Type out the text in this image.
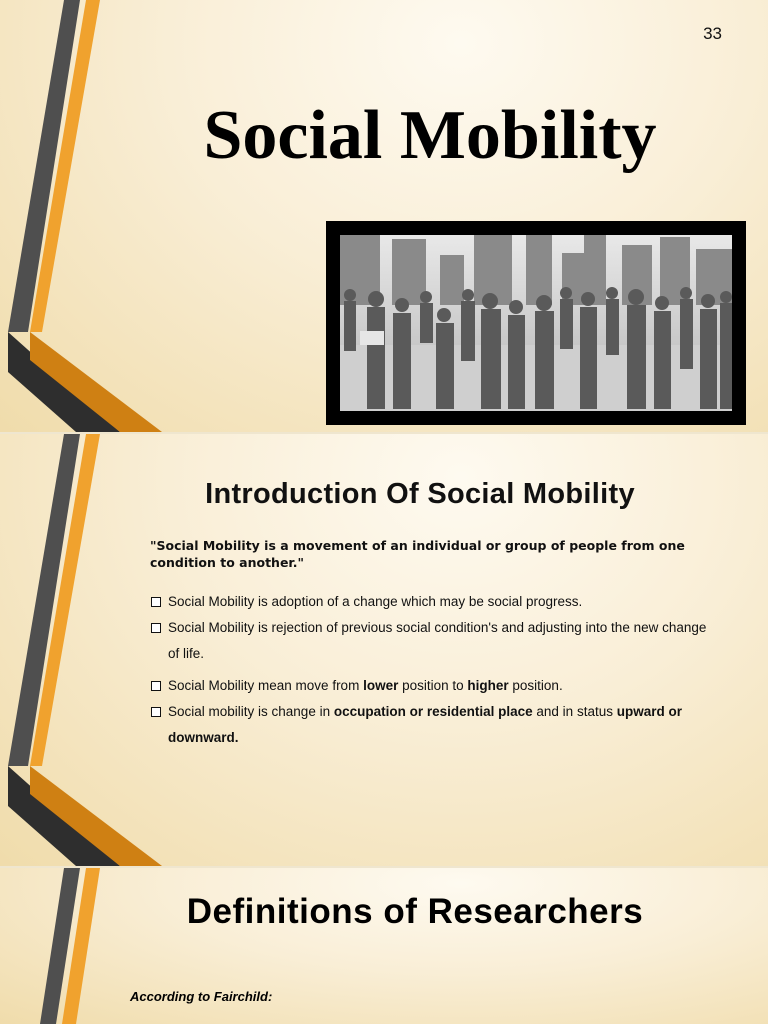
33
Social Mobility
Introduction Of Social Mobility

"Social Mobility is a movement of an individual or group of people from one condition to another."

Social Mobility is adoption of a change which may be social progress.
Social Mobility is rejection of previous social condition's and adjusting into the new change of life.
Social Mobility mean move from lower position to higher position.
Social mobility is change in occupation or residential place and in status upward or downward.
Definitions of Researchers
According to Fairchild:
